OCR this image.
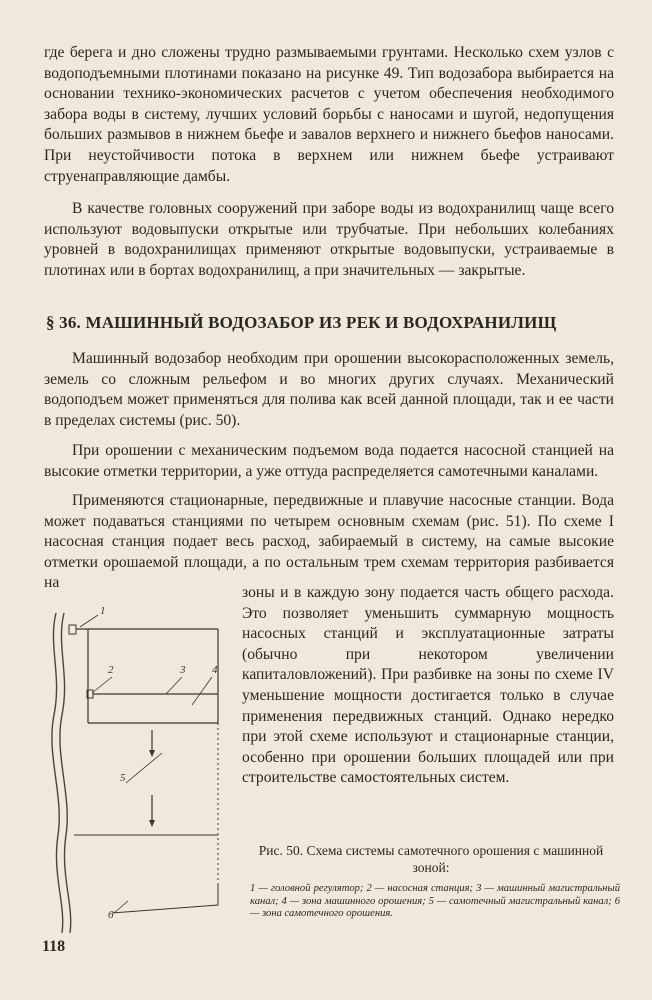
где берега и дно сложены трудно размываемыми грунтами. Несколько схем узлов с водоподъемными плотинами показано на рисунке 49. Тип водозабора выбирается на основании технико-экономических расчетов с учетом обеспечения необходимого забора воды в систему, лучших условий борьбы с наносами и шугой, недопущения больших размывов в нижнем бьефе и завалов верхнего и нижнего бьефов наносами. При неустойчивости потока в верхнем или нижнем бьефе устраивают струенаправляющие дамбы.

В качестве головных сооружений при заборе воды из водохранилищ чаще всего используют водовыпуски открытые или трубчатые. При небольших колебаниях уровней в водохранилищах применяют открытые водовыпуски, устраиваемые в плотинах или в бортах водохранилищ, а при значительных — закрытые.

§ 36. МАШИННЫЙ ВОДОЗАБОР ИЗ РЕК И ВОДОХРАНИЛИЩ

Машинный водозабор необходим при орошении высокорасположенных земель, земель со сложным рельефом и во многих других случаях. Механический водоподъем может применяться для полива как всей данной площади, так и ее части в пределах системы (рис. 50).

При орошении с механическим подъемом вода подается насосной станцией на высокие отметки территории, а уже оттуда распределяется самотечными каналами.

Применяются стационарные, передвижные и плавучие насосные станции. Вода может подаваться станциями по четырем основным схемам (рис. 51). По схеме I насосная станция подает весь расход, забираемый в систему, на самые высокие отметки орошаемой площади, а по остальным трем схемам территория разбивается на

зоны и в каждую зону подается часть общего расхода. Это позволяет уменьшить суммарную мощность насосных станций и эксплуатационные затраты (обычно при некотором увеличении капиталовложений). При разбивке на зоны по схеме IV уменьшение мощности достигается только в случае применения передвижных станций. Однако нередко при этой схеме используют и стационарные станции, особенно при орошении больших площадей или при строительстве самостоятельных систем.

1
2	3 4
5
6
Рис. 50. Схема системы самотечного орошения с машинной зоной:
1 — головной регулятор; 2 — насосная станция; 3 — машинный магистральный канал; 4 — зона машинного орошения; 5 — самотечный магистральный канал; 6 — зона самотечного орошения.
118
